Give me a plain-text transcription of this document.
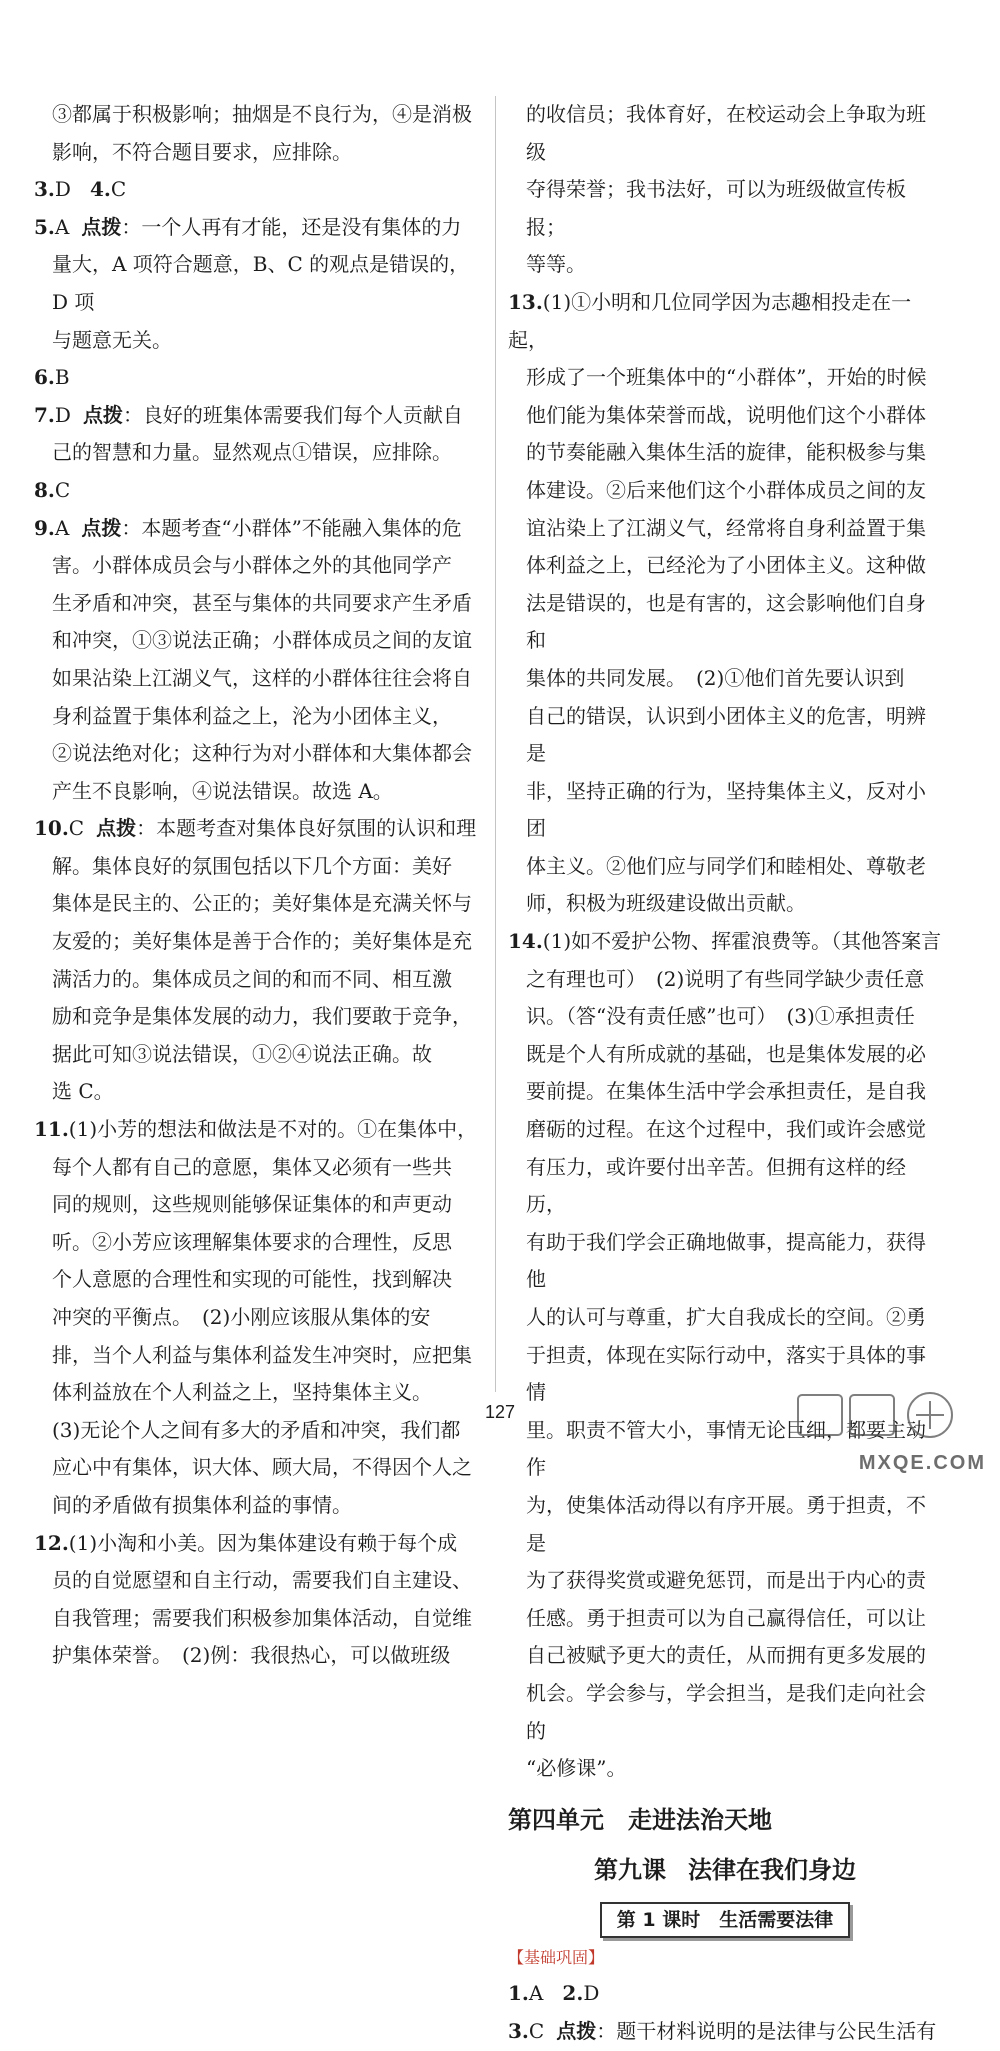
③都属于积极影响；抽烟是不良行为，④是消极

影响，不符合题目要求，应排除。

3.D 4.C

5.A 点拨：一个人再有才能，还是没有集体的力

量大，A 项符合题意，B、C 的观点是错误的，D 项

与题意无关。

6.B

7.D 点拨：良好的班集体需要我们每个人贡献自

己的智慧和力量。显然观点①错误，应排除。

8.C

9.A 点拨：本题考查“小群体”不能融入集体的危

害。小群体成员会与小群体之外的其他同学产

生矛盾和冲突，甚至与集体的共同要求产生矛盾

和冲突，①③说法正确；小群体成员之间的友谊

如果沾染上江湖义气，这样的小群体往往会将自

身利益置于集体利益之上，沦为小团体主义，

②说法绝对化；这种行为对小群体和大集体都会

产生不良影响，④说法错误。故选 A。

10.C 点拨：本题考查对集体良好氛围的认识和理

解。集体良好的氛围包括以下几个方面：美好

集体是民主的、公正的；美好集体是充满关怀与

友爱的；美好集体是善于合作的；美好集体是充

满活力的。集体成员之间的和而不同、相互激

励和竞争是集体发展的动力，我们要敢于竞争，

据此可知③说法错误，①②④说法正确。故

选 C。

11.(1)小芳的想法和做法是不对的。①在集体中，

每个人都有自己的意愿，集体又必须有一些共

同的规则，这些规则能够保证集体的和声更动

听。②小芳应该理解集体要求的合理性，反思

个人意愿的合理性和实现的可能性，找到解决

冲突的平衡点。　(2)小刚应该服从集体的安

排，当个人利益与集体利益发生冲突时，应把集

体利益放在个人利益之上，坚持集体主义。

(3)无论个人之间有多大的矛盾和冲突，我们都

应心中有集体，识大体、顾大局，不得因个人之

间的矛盾做有损集体利益的事情。

12.(1)小淘和小美。因为集体建设有赖于每个成

员的自觉愿望和自主行动，需要我们自主建设、

自我管理；需要我们积极参加集体活动，自觉维

护集体荣誉。　(2)例：我很热心，可以做班级

的收信员；我体育好，在校运动会上争取为班级

夺得荣誉；我书法好，可以为班级做宣传板报；

等等。

13.(1)①小明和几位同学因为志趣相投走在一起，

形成了一个班集体中的“小群体”，开始的时候

他们能为集体荣誉而战，说明他们这个小群体

的节奏能融入集体生活的旋律，能积极参与集

体建设。②后来他们这个小群体成员之间的友

谊沾染上了江湖义气，经常将自身利益置于集

体利益之上，已经沦为了小团体主义。这种做

法是错误的，也是有害的，这会影响他们自身和

集体的共同发展。　(2)①他们首先要认识到

自己的错误，认识到小团体主义的危害，明辨是

非，坚持正确的行为，坚持集体主义，反对小团

体主义。②他们应与同学们和睦相处、尊敬老

师，积极为班级建设做出贡献。

14.(1)如不爱护公物、挥霍浪费等。（其他答案言

之有理也可）　(2)说明了有些同学缺少责任意

识。（答“没有责任感”也可）　(3)①承担责任

既是个人有所成就的基础，也是集体发展的必

要前提。在集体生活中学会承担责任，是自我

磨砺的过程。在这个过程中，我们或许会感觉

有压力，或许要付出辛苦。但拥有这样的经历，

有助于我们学会正确地做事，提高能力，获得他

人的认可与尊重，扩大自我成长的空间。②勇

于担责，体现在实际行动中，落实于具体的事情

里。职责不管大小，事情无论巨细，都要主动作

为，使集体活动得以有序开展。勇于担责，不是

为了获得奖赏或避免惩罚，而是出于内心的责

任感。勇于担责可以为自己赢得信任，可以让

自己被赋予更大的责任，从而拥有更多发展的

机会。学会参与，学会担当，是我们走向社会的

“必修课”。

第四单元 走进法治天地
第九课 法律在我们身边
第 1 课时　生活需要法律
【基础巩固】

1.A 2.D

3.C 点拨：题干材料说明的是法律与公民生活有

127
MXQE.COM
